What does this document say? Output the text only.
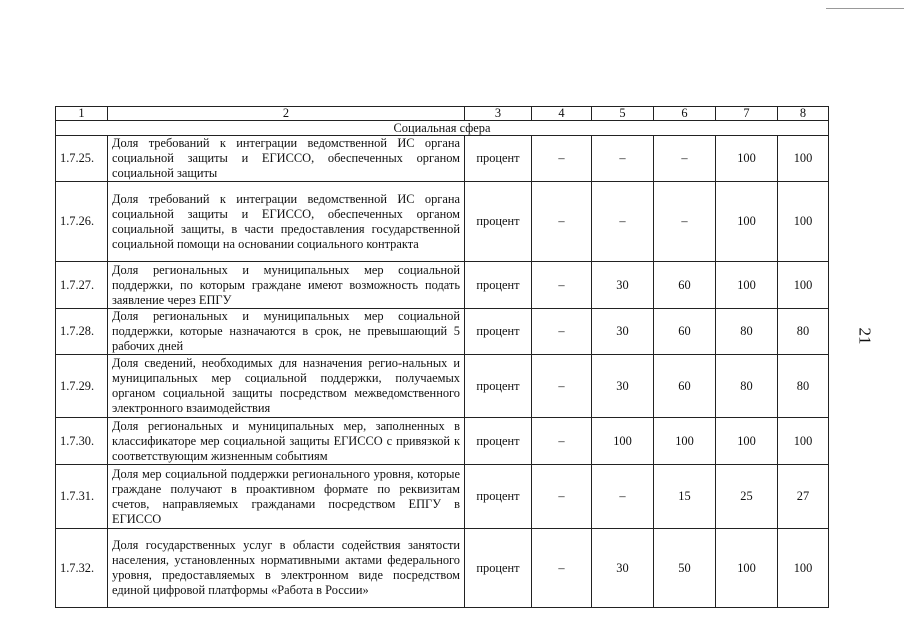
1	2	3	4	5	6	7	8
Социальная сфера							
1.7.25.	Доля требований к интеграции ведомственной ИС органа социальной защиты и ЕГИССО, обеспеченных органом социальной защиты	процент	–	–	–	100	100
1.7.26.	Доля требований к интеграции ведомственной ИС органа социальной защиты и ЕГИССО, обеспеченных органом социальной защиты, в части предоставления государственной социальной помощи на основании социального контракта	процент	–	–	–	100	100
1.7.27.	Доля региональных и муниципальных мер социальной поддержки, по которым граждане имеют возможность подать заявление через ЕПГУ	процент	–	30	60	100	100
1.7.28.	Доля региональных и муниципальных мер социальной поддержки, которые назначаются в срок, не превышающий 5 рабочих дней	процент	–	30	60	80	80
1.7.29.	Доля сведений, необходимых для назначения регио-нальных и муниципальных мер социальной поддержки, получаемых органом социальной защиты посредством межведомственного электронного взаимодействия	процент	–	30	60	80	80
1.7.30.	Доля региональных и муниципальных мер, заполненных в классификаторе мер социальной защиты ЕГИССО с привязкой к соответствующим жизненным событиям	процент	–	100	100	100	100
1.7.31.	Доля мер социальной поддержки регионального уровня, которые граждане получают в проактивном формате по реквизитам счетов, направляемых гражданами посредством ЕПГУ в ЕГИССО	процент	–	–	15	25	27
1.7.32.	Доля государственных услуг в области содействия занятости населения, установленных нормативными актами федерального уровня, предоставляемых в электронном виде посредством единой цифровой платформы «Работа в России»	процент	–	30	50	100	100
21
